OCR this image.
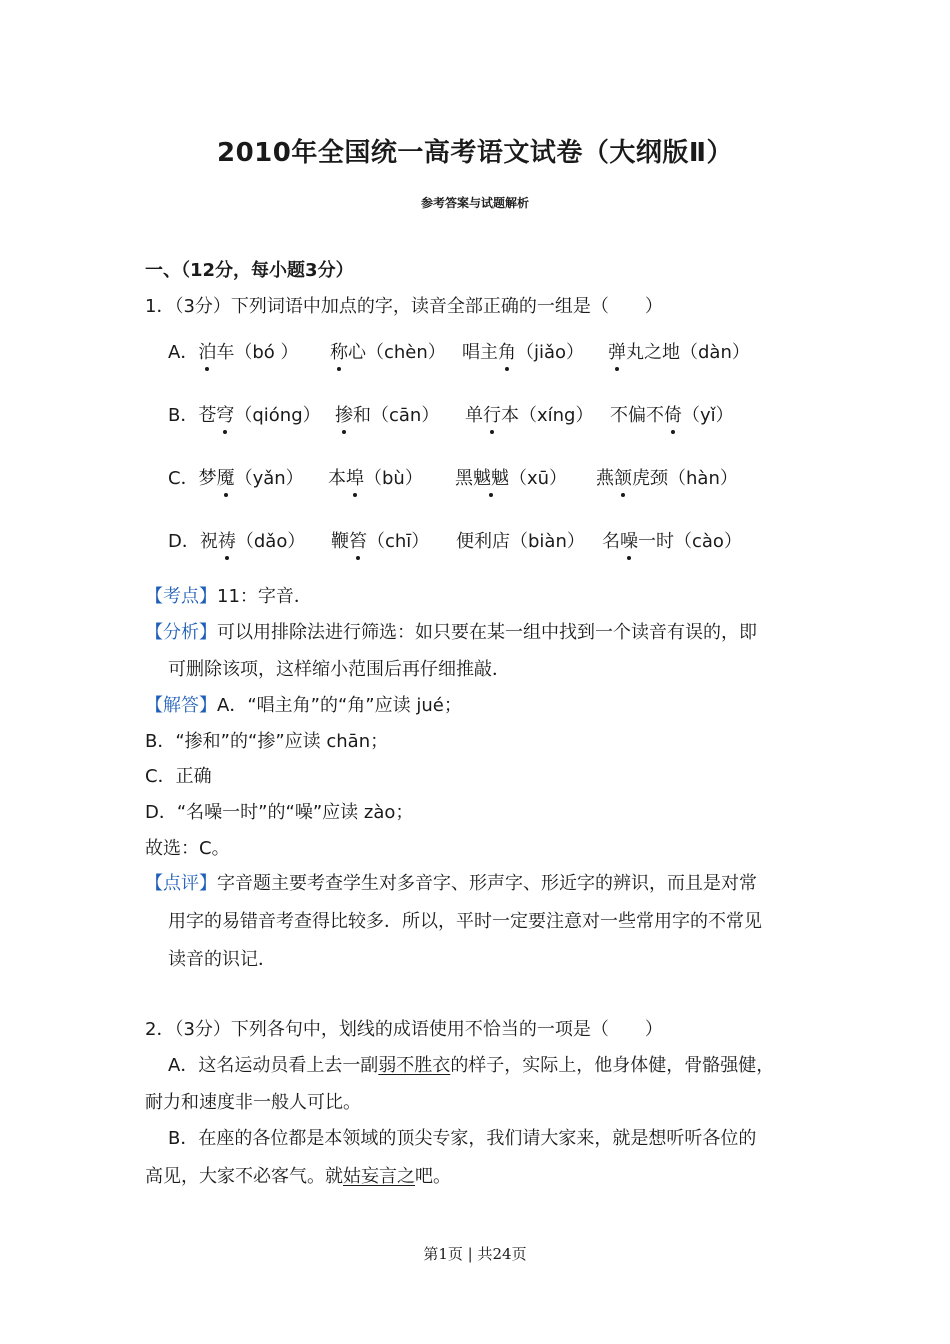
2010年全国统一高考语文试卷（大纲版Ⅱ）
参考答案与试题解析
一、（12分，每小题3分）
1．（3分）下列词语中加点的字，读音全部正确的一组是（　　）
A．泊车（bó ） 称心（chèn） 唱主角（jiǎo） 弹丸之地（dàn）
B．苍穹（qióng） 掺和（cān） 单行本（xíng） 不偏不倚（yǐ）
C．梦魇（yǎn） 本埠（bù） 黑魆魆（xū） 燕颔虎颈（hàn）
D．祝祷（dǎo） 鞭笞（chī） 便利店（biàn） 名噪一时（cào）
【考点】11：字音．
【分析】可以用排除法进行筛选：如只要在某一组中找到一个读音有误的，即
可删除该项，这样缩小范围后再仔细推敲．
【解答】A．“唱主角”的“角”应读 jué；
B．“掺和”的“掺”应读 chān；
C．正确
D．“名噪一时”的“噪”应读 zào；
故选：C。
【点评】字音题主要考查学生对多音字、形声字、形近字的辨识，而且是对常
用字的易错音考查得比较多．所以，平时一定要注意对一些常用字的不常见
读音的识记．
2．（3分）下列各句中，划线的成语使用不恰当的一项是（　　）
A．这名运动员看上去一副弱不胜衣的样子，实际上，他身体健，骨骼强健，
耐力和速度非一般人可比。
B．在座的各位都是本领域的顶尖专家，我们请大家来，就是想听听各位的
高见，大家不必客气。就姑妄言之吧。
第1页 | 共24页
